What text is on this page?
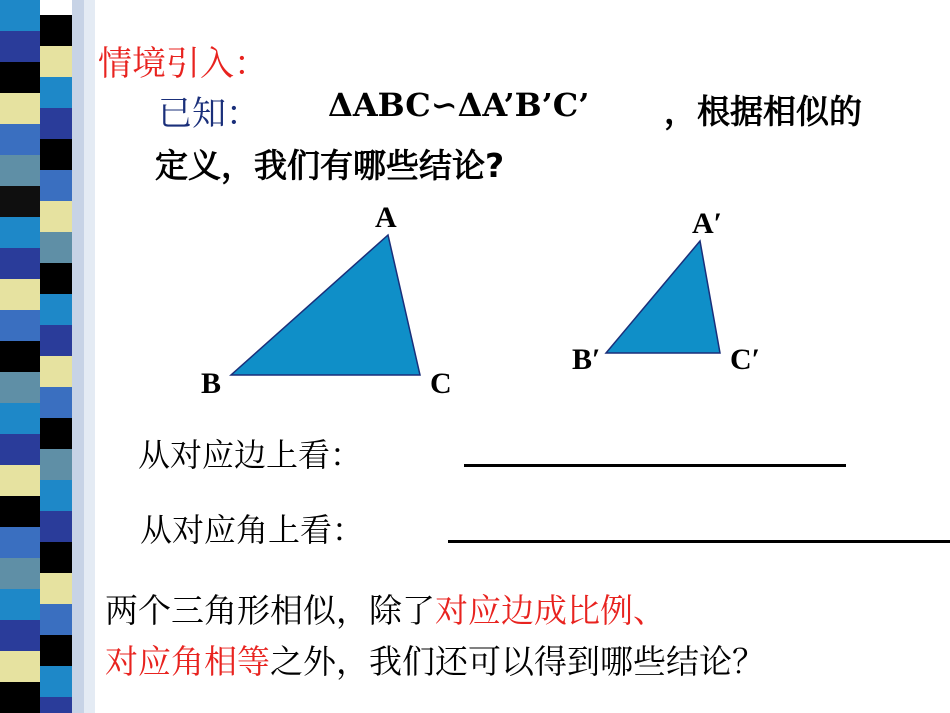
情境引入：
已知： ΔABC∽ΔA’B’C’ ，根据相似的
定义，我们有哪些结论?
A
B	C
A′
B′	C′
从对应边上看：
从对应角上看：
两个三角形相似，除了对应边成比例、
对应角相等之外，我们还可以得到哪些结论？
